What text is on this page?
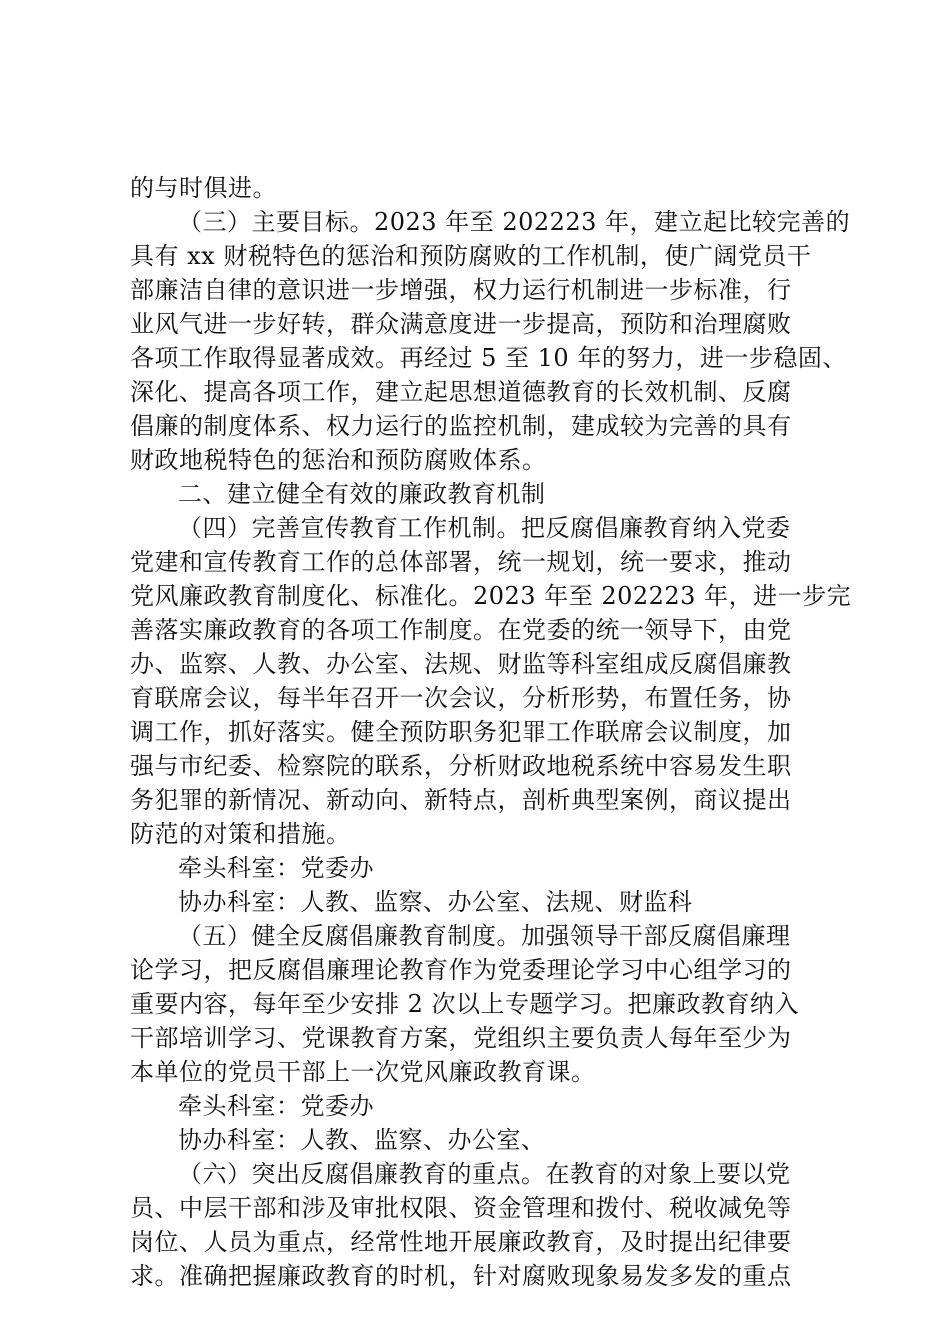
的与时俱进。
（三）主要目标。2023 年至 202223 年，建立起比较完善的
具有 xx 财税特色的惩治和预防腐败的工作机制，使广阔党员干
部廉洁自律的意识进一步增强，权力运行机制进一步标准，行
业风气进一步好转，群众满意度进一步提高，预防和治理腐败
各项工作取得显著成效。再经过 5 至 10 年的努力，进一步稳固、
深化、提高各项工作，建立起思想道德教育的长效机制、反腐
倡廉的制度体系、权力运行的监控机制，建成较为完善的具有
财政地税特色的惩治和预防腐败体系。
二、建立健全有效的廉政教育机制
（四）完善宣传教育工作机制。把反腐倡廉教育纳入党委
党建和宣传教育工作的总体部署，统一规划，统一要求，推动
党风廉政教育制度化、标准化。2023 年至 202223 年，进一步完
善落实廉政教育的各项工作制度。在党委的统一领导下，由党
办、监察、人教、办公室、法规、财监等科室组成反腐倡廉教
育联席会议，每半年召开一次会议，分析形势，布置任务，协
调工作，抓好落实。健全预防职务犯罪工作联席会议制度，加
强与市纪委、检察院的联系，分析财政地税系统中容易发生职
务犯罪的新情况、新动向、新特点，剖析典型案例，商议提出
防范的对策和措施。
牵头科室：党委办
协办科室：人教、监察、办公室、法规、财监科
（五）健全反腐倡廉教育制度。加强领导干部反腐倡廉理
论学习，把反腐倡廉理论教育作为党委理论学习中心组学习的
重要内容，每年至少安排 2 次以上专题学习。把廉政教育纳入
干部培训学习、党课教育方案，党组织主要负责人每年至少为
本单位的党员干部上一次党风廉政教育课。
牵头科室：党委办
协办科室：人教、监察、办公室、
（六）突出反腐倡廉教育的重点。在教育的对象上要以党
员、中层干部和涉及审批权限、资金管理和拨付、税收减免等
岗位、人员为重点，经常性地开展廉政教育，及时提出纪律要
求。准确把握廉政教育的时机，针对腐败现象易发多发的重点
